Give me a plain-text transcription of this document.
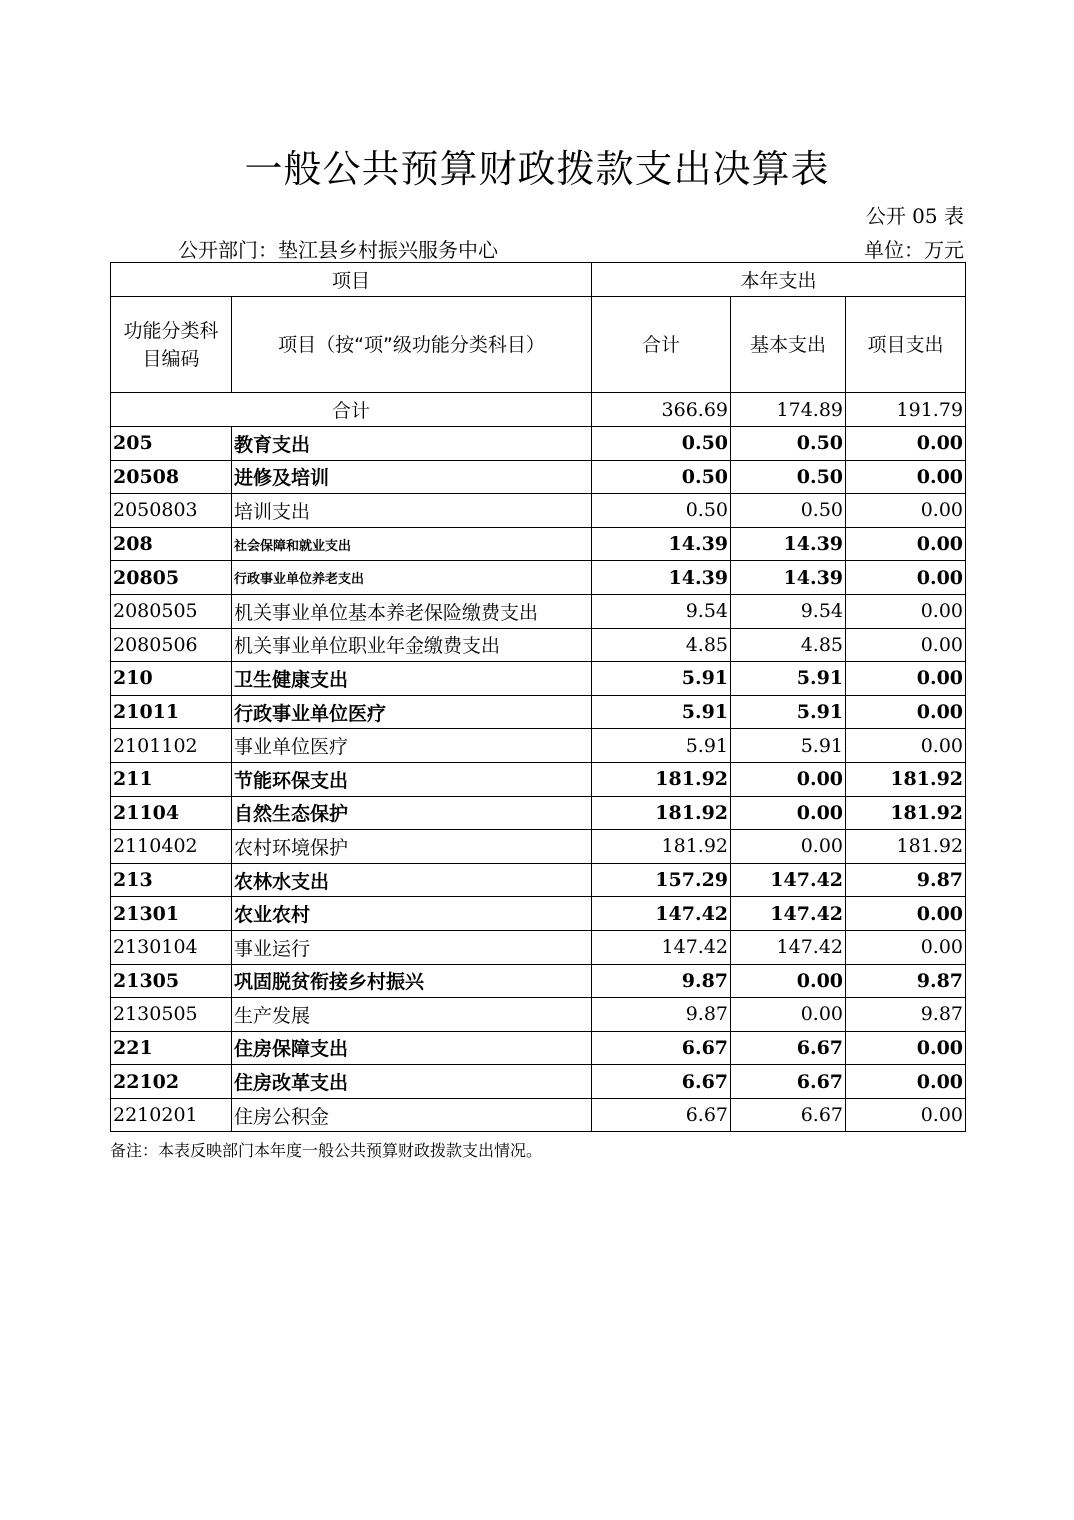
一般公共预算财政拨款支出决算表
公开 05 表
公开部门：垫江县乡村振兴服务中心	单位：万元
项目		本年支出		
功能分类科目编码	项目（按“项”级功能分类科目）	合计	基本支出	项目支出
合计		366.69	174.89	191.79
205	教育支出	0.50	0.50	0.00
20508	进修及培训	0.50	0.50	0.00
2050803	培训支出	0.50	0.50	0.00
208	社会保障和就业支出	14.39	14.39	0.00
20805	行政事业单位养老支出	14.39	14.39	0.00
2080505	机关事业单位基本养老保险缴费支出	9.54	9.54	0.00
2080506	机关事业单位职业年金缴费支出	4.85	4.85	0.00
210	卫生健康支出	5.91	5.91	0.00
21011	行政事业单位医疗	5.91	5.91	0.00
2101102	事业单位医疗	5.91	5.91	0.00
211	节能环保支出	181.92	0.00	181.92
21104	自然生态保护	181.92	0.00	181.92
2110402	农村环境保护	181.92	0.00	181.92
213	农林水支出	157.29	147.42	9.87
21301	农业农村	147.42	147.42	0.00
2130104	事业运行	147.42	147.42	0.00
21305	巩固脱贫衔接乡村振兴	9.87	0.00	9.87
2130505	生产发展	9.87	0.00	9.87
221	住房保障支出	6.67	6.67	0.00
22102	住房改革支出	6.67	6.67	0.00
2210201	住房公积金	6.67	6.67	0.00
备注：本表反映部门本年度一般公共预算财政拨款支出情况。
